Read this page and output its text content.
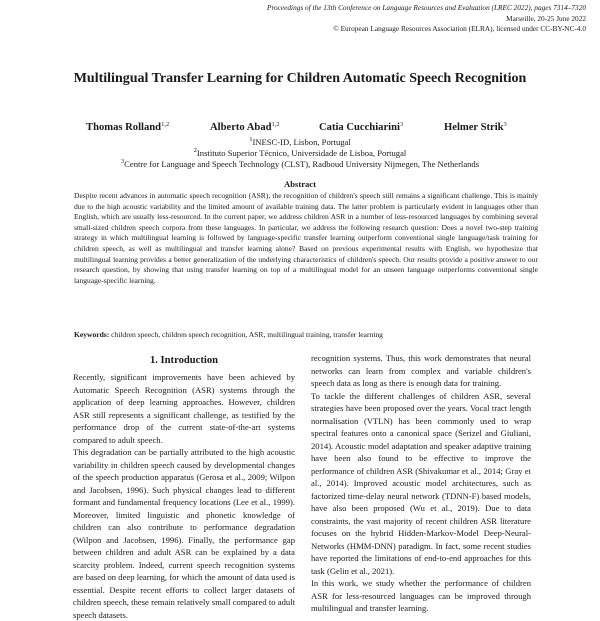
Proceedings of the 13th Conference on Language Resources and Evaluation (LREC 2022), pages 7314–7320
Marseille, 20-25 June 2022
© European Language Resources Association (ELRA), licensed under CC-BY-NC-4.0
Multilingual Transfer Learning for Children Automatic Speech Recognition
Thomas Rolland$^{1,2}$	Alberto Abad$^{1,2}$	Catia Cucchiarini$^3$	Helmer Strik$^3$
$^1$INESC-ID, Lisbon, Portugal
$^2$Instituto Superior Técnico, Universidade de Lisboa, Portugal
$^3$Centre for Language and Speech Technology (CLST), Radboud University Nijmegen, The Netherlands
Abstract

Despite recent advances in automatic speech recognition (ASR), the recognition of children's speech still remains a significant challenge. This is mainly due to the high acoustic variability and the limited amount of available training data. The latter problem is particularly evident in languages other than English, which are usually less-resourced. In the current paper, we address children ASR in a number of less-resourced languages by combining several small-sized children speech corpora from these languages. In particular, we address the following research question: Does a novel two-step training strategy in which multilingual learning is followed by language-specific transfer learning outperform conventional single language/task training for children speech, as well as multilingual and transfer learning alone? Based on previous experimental results with English, we hypothesize that multilingual learning provides a better generalization of the underlying characteristics of children's speech. Our results provide a positive answer to our research question, by showing that using transfer learning on top of a multilingual model for an unseen language outperforms conventional single language-specific learning.

Keywords: children speech, children speech recognition, ASR, multilingual training, transfer learning
1. Introduction

Recently, significant improvements have been achieved by Automatic Speech Recognition (ASR) systems through the application of deep learning approaches. However, children ASR still represents a significant challenge, as testified by the performance drop of the current state-of-the-art systems compared to adult speech.

This degradation can be partially attributed to the high acoustic variability in children speech caused by developmental changes of the speech production apparatus (Gerosa et al., 2009; Wilpon and Jacobsen, 1996). Such physical changes lead to different formant and fundamental frequency locations (Lee et al., 1999). Moreover, limited linguistic and phonetic knowledge of children can also contribute to performance degradation (Wilpon and Jacobsen, 1996). Finally, the performance gap between children and adult ASR can be explained by a data scarcity problem. Indeed, current speech recognition systems are based on deep learning, for which the amount of data used is essential. Despite recent efforts to collect larger datasets of children speech, these remain relatively small compared to adult speech datasets.

recognition systems. Thus, this work demonstrates that neural networks can learn from complex and variable children's speech data as long as there is enough data for training.

To tackle the different challenges of children ASR, several strategies have been proposed over the years. Vocal tract length normalisation (VTLN) has been commonly used to wrap spectral features onto a canonical space (Serizel and Giuliani, 2014). Acoustic model adaptation and speaker adaptive training have been also found to be effective to improve the performance of children ASR (Shivakumar et al., 2014; Gray et al., 2014). Improved acoustic model architectures, such as factorized time-delay neural network (TDNN-F) based models, have also been proposed (Wu et al., 2019). Due to data constraints, the vast majority of recent children ASR literature focuses on the hybrid Hidden-Markov-Model Deep-Neural-Networks (HMM-DNN) paradigm. In fact, some recent studies have reported the limitations of end-to-end approaches for this task (Gelin et al., 2021).

In this work, we study whether the performance of children ASR for less-resourced languages can be improved through multilingual and transfer learning.
